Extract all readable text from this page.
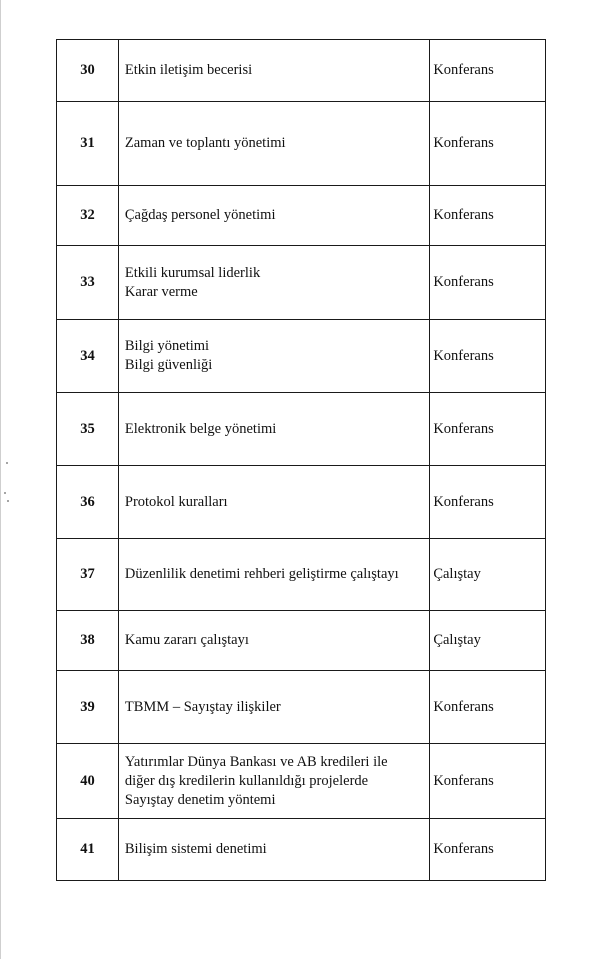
30	Etkin iletişim becerisi	Konferans
31	Zaman ve toplantı yönetimi	Konferans
32	Çağdaş personel yönetimi	Konferans
33	Etkili kurumsal liderlik
Karar verme	Konferans
34	Bilgi yönetimi
Bilgi güvenliği	Konferans
35	Elektronik belge yönetimi	Konferans
36	Protokol kuralları	Konferans
37	Düzenlilik denetimi rehberi geliştirme çalıştayı	Çalıştay
38	Kamu zararı çalıştayı	Çalıştay
39	TBMM – Sayıştay ilişkiler	Konferans
40	Yatırımlar Dünya Bankası ve AB kredileri ile
diğer dış kredilerin kullanıldığı projelerde
Sayıştay denetim yöntemi	Konferans
41	Bilişim sistemi denetimi	Konferans
